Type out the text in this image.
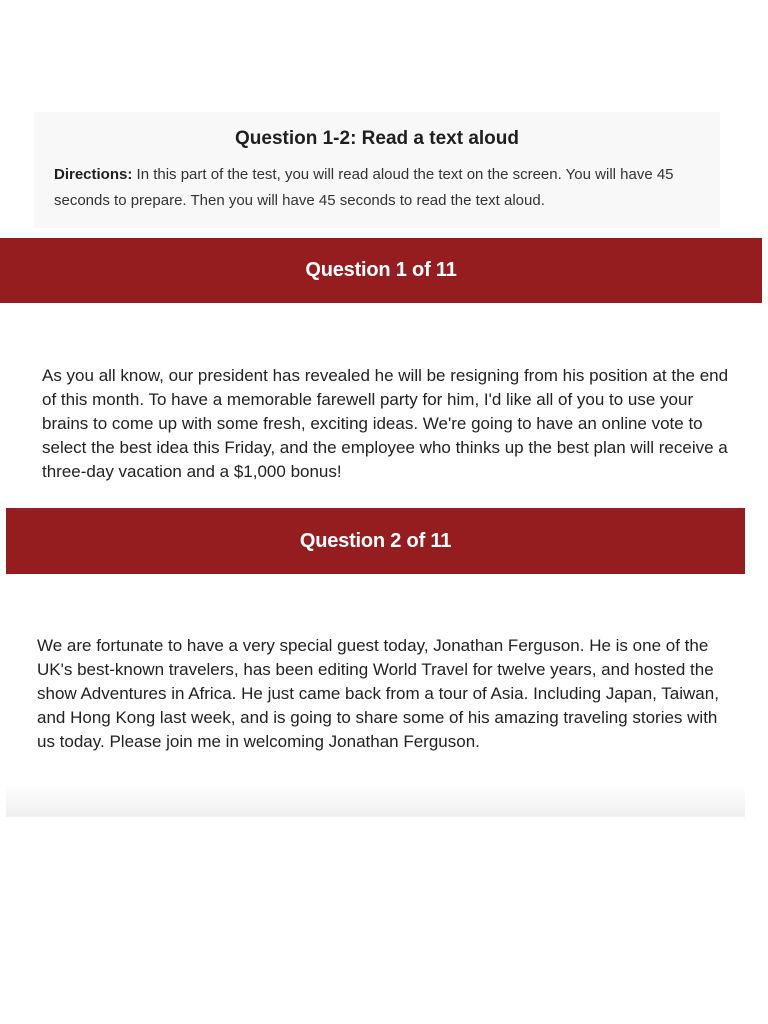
Question 1-2: Read a text aloud

Directions: In this part of the test, you will read aloud the text on the screen. You will have 45 seconds to prepare. Then you will have 45 seconds to read the text aloud.

Question 1 of 11

As you all know, our president has revealed he will be resigning from his position at the end of this month. To have a memorable farewell party for him, I'd like all of you to use your brains to come up with some fresh, exciting ideas. We're going to have an online vote to select the best idea this Friday, and the employee who thinks up the best plan will receive a three-day vacation and a $1,000 bonus!

Question 2 of 11

We are fortunate to have a very special guest today, Jonathan Ferguson. He is one of the UK's best-known travelers, has been editing World Travel for twelve years, and hosted the show Adventures in Africa. He just came back from a tour of Asia. Including Japan, Taiwan, and Hong Kong last week, and is going to share some of his amazing traveling stories with us today. Please join me in welcoming Jonathan Ferguson.
